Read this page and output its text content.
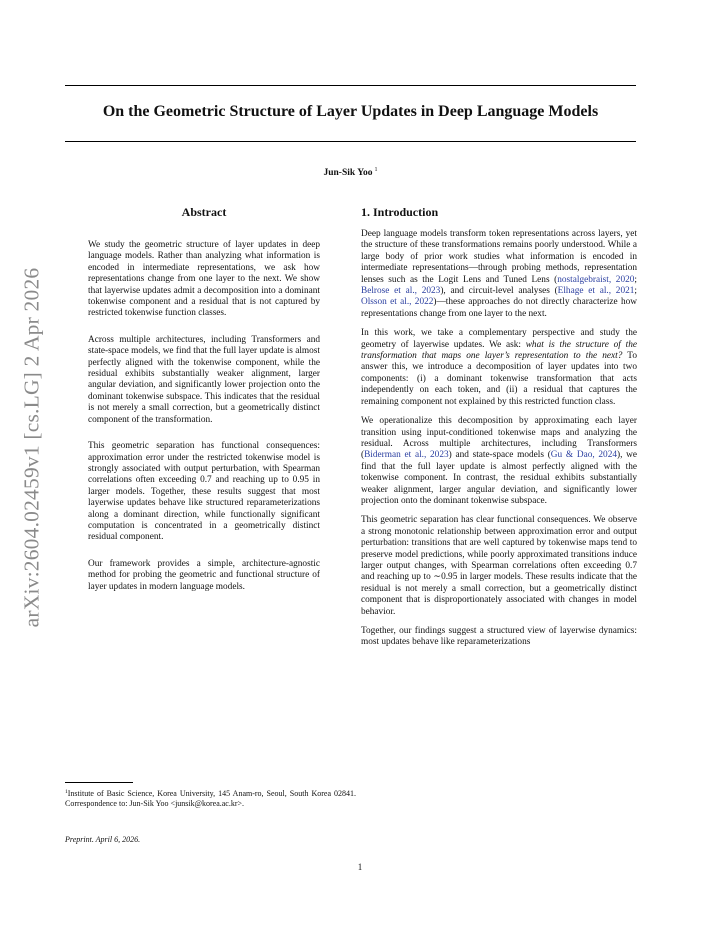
arXiv:2604.02459v1 [cs.LG] 2 Apr 2026
On the Geometric Structure of Layer Updates in Deep Language Models
Jun-Sik Yoo $^1$
Abstract

We study the geometric structure of layer updates in deep language models. Rather than analyzing what information is encoded in intermediate representations, we ask how representations change from one layer to the next. We show that layerwise updates admit a decomposition into a dominant tokenwise component and a residual that is not captured by restricted tokenwise function classes.

Across multiple architectures, including Transformers and state-space models, we find that the full layer update is almost perfectly aligned with the tokenwise component, while the residual exhibits substantially weaker alignment, larger angular deviation, and significantly lower projection onto the dominant tokenwise subspace. This indicates that the residual is not merely a small correction, but a geometrically distinct component of the transformation.

This geometric separation has functional consequences: approximation error under the restricted tokenwise model is strongly associated with output perturbation, with Spearman correlations often exceeding 0.7 and reaching up to 0.95 in larger models. Together, these results suggest that most layerwise updates behave like structured reparameterizations along a dominant direction, while functionally significant computation is concentrated in a geometrically distinct residual component.

Our framework provides a simple, architecture-agnostic method for probing the geometric and functional structure of layer updates in modern language models.

1. Introduction

Deep language models transform token representations across layers, yet the structure of these transformations remains poorly understood. While a large body of prior work studies what information is encoded in intermediate representations—through probing methods, representation lenses such as the Logit Lens and Tuned Lens (nostalgebraist, 2020; Belrose et al., 2023), and circuit-level analyses (Elhage et al., 2021; Olsson et al., 2022)—these approaches do not directly characterize how representations change from one layer to the next.

In this work, we take a complementary perspective and study the geometry of layerwise updates. We ask: what is the structure of the transformation that maps one layer’s representation to the next? To answer this, we introduce a decomposition of layer updates into two components: (i) a dominant tokenwise transformation that acts independently on each token, and (ii) a residual that captures the remaining component not explained by this restricted function class.

We operationalize this decomposition by approximating each layer transition using input-conditioned tokenwise maps and analyzing the residual. Across multiple architectures, including Transformers (Biderman et al., 2023) and state-space models (Gu & Dao, 2024), we find that the full layer update is almost perfectly aligned with the tokenwise component. In contrast, the residual exhibits substantially weaker alignment, larger angular deviation, and significantly lower projection onto the dominant tokenwise subspace.

This geometric separation has clear functional consequences. We observe a strong monotonic relationship between approximation error and output perturbation: transitions that are well captured by tokenwise maps tend to preserve model predictions, while poorly approximated transitions induce larger output changes, with Spearman correlations often exceeding 0.7 and reaching up to ∼0.95 in larger models. These results indicate that the residual is not merely a small correction, but a geometrically distinct component that is disproportionately associated with changes in model behavior.

Together, our findings suggest a structured view of layerwise dynamics: most updates behave like reparameterizations

$^1$Institute of Basic Science, Korea University, 145 Anam-ro, Seoul, South Korea 02841. Correspondence to: Jun-Sik Yoo <junsik@korea.ac.kr>.
Preprint. April 6, 2026.
1
